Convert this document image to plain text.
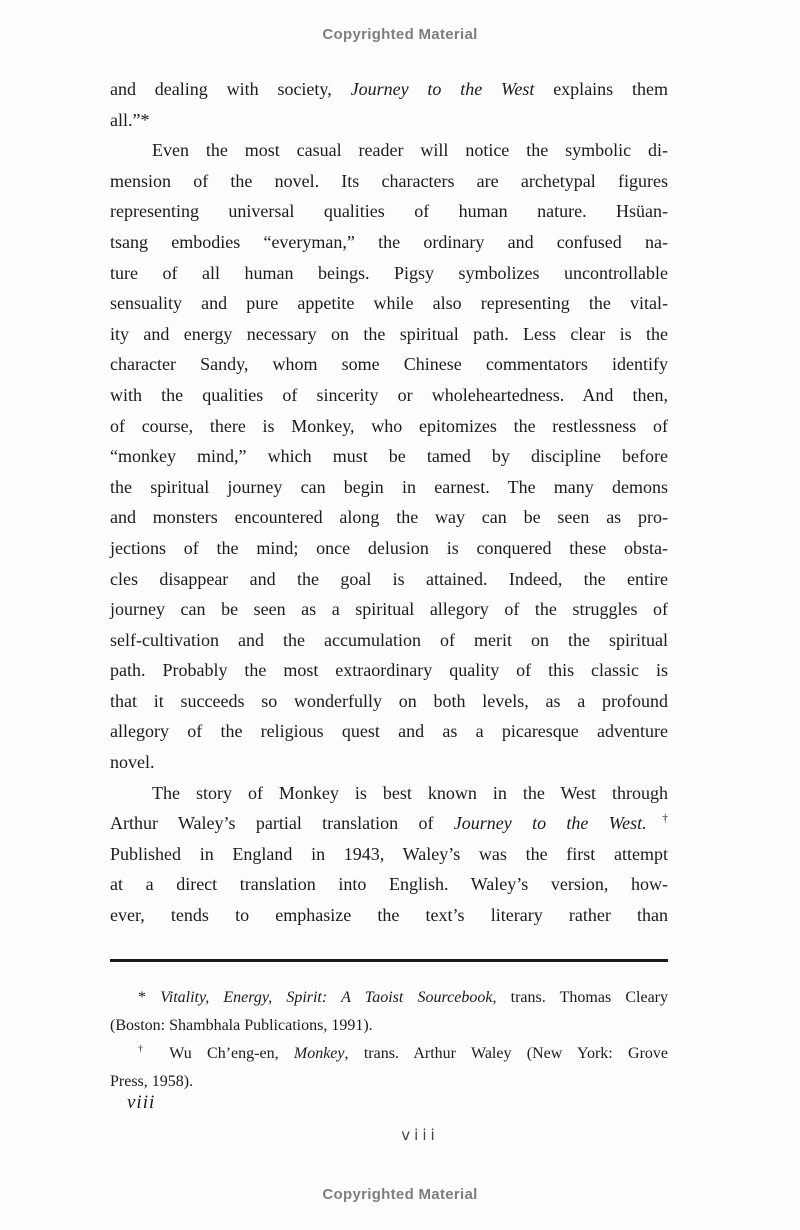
Copyrighted Material
and dealing with society, Journey to the West explains them
all.”*
Even the most casual reader will notice the symbolic di-
mension of the novel. Its characters are archetypal figures
representing universal qualities of human nature. Hsüan-
tsang embodies “everyman,” the ordinary and confused na-
ture of all human beings. Pigsy symbolizes uncontrollable
sensuality and pure appetite while also representing the vital-
ity and energy necessary on the spiritual path. Less clear is the
character Sandy, whom some Chinese commentators identify
with the qualities of sincerity or wholeheartedness. And then,
of course, there is Monkey, who epitomizes the restlessness of
“monkey mind,” which must be tamed by discipline before
the spiritual journey can begin in earnest. The many demons
and monsters encountered along the way can be seen as pro-
jections of the mind; once delusion is conquered these obsta-
cles disappear and the goal is attained. Indeed, the entire
journey can be seen as a spiritual allegory of the struggles of
self-cultivation and the accumulation of merit on the spiritual
path. Probably the most extraordinary quality of this classic is
that it succeeds so wonderfully on both levels, as a profound
allegory of the religious quest and as a picaresque adventure
novel.
The story of Monkey is best known in the West through
Arthur Waley’s partial translation of Journey to the West.†
Published in England in 1943, Waley’s was the first attempt
at a direct translation into English. Waley’s version, how-
ever, tends to emphasize the text’s literary rather than
* Vitality, Energy, Spirit: A Taoist Sourcebook, trans. Thomas Cleary
(Boston: Shambhala Publications, 1991).
† Wu Ch’eng-en, Monkey, trans. Arthur Waley (New York: Grove
Press, 1958).
viii
viii
Copyrighted Material
